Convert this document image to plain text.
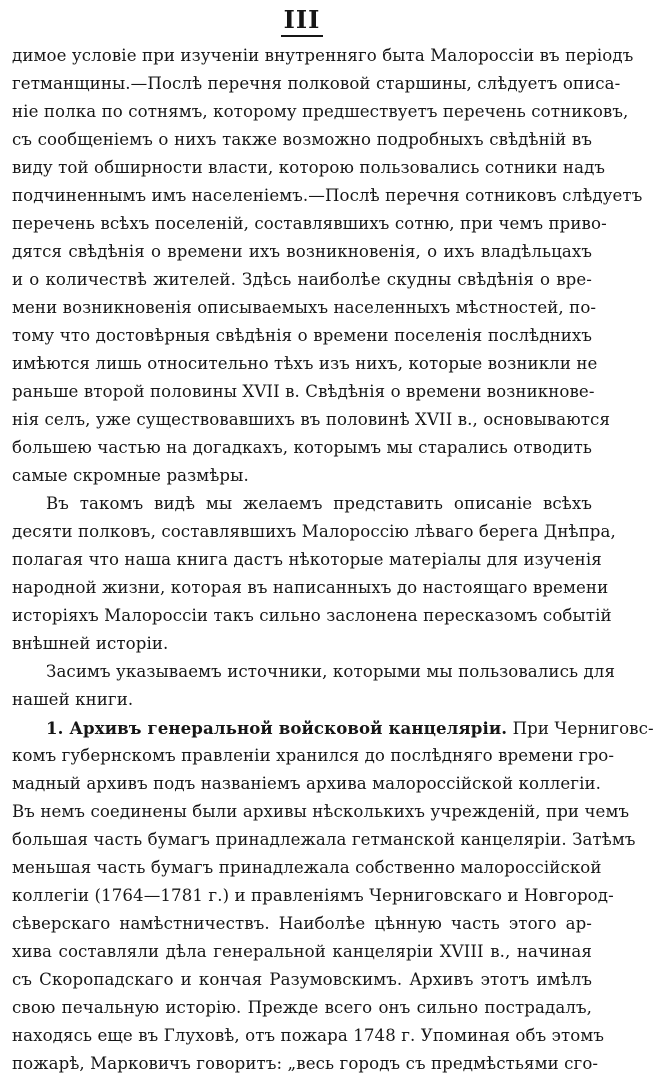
III
димое условіе при изученіи внутренняго быта Малороссіи въ періодъ
гетманщины.—Послѣ перечня полковой старшины, слѣдуетъ описа-
ніе полка по сотнямъ, которому предшествуетъ перечень сотниковъ,
съ сообщеніемъ о нихъ также возможно подробныхъ свѣдѣній въ
виду той обширности власти, которою пользовались сотники надъ
подчиненнымъ имъ населеніемъ.—Послѣ перечня сотниковъ слѣдуетъ
перечень всѣхъ поселеній, составлявшихъ сотню, при чемъ приво-
дятся свѣдѣнія о времени ихъ возникновенія, о ихъ владѣльцахъ
и о количествѣ жителей. Здѣсь наиболѣе скудны свѣдѣнія о вре-
мени возникновенія описываемыхъ населенныхъ мѣстностей, по-
тому что достовѣрныя свѣдѣнія о времени поселенія послѣднихъ
имѣются лишь относительно тѣхъ изъ нихъ, которые возникли не
раньше второй половины XVII в. Свѣдѣнія о времени возникнове-
нія селъ, уже существовавшихъ въ половинѣ XVII в., основываются
большею частью на догадкахъ, которымъ мы старались отводить
самые скромные размѣры.
Въ такомъ видѣ мы желаемъ представить описаніе всѣхъ
десяти полковъ, составлявшихъ Малороссію лѣваго берега Днѣпра,
полагая что наша книга дастъ нѣкоторые матеріалы для изученія
народной жизни, которая въ написанныхъ до настоящаго времени
исторіяхъ Малороссіи такъ сильно заслонена пересказомъ событій
внѣшней исторіи.
Засимъ указываемъ источники, которыми мы пользовались для
нашей книги.
1. Архивъ генеральной войсковой канцеляріи. При Черниговс-
комъ губернскомъ правленіи хранился до послѣдняго времени гро-
мадный архивъ подъ названіемъ архива малороссійской коллегіи.
Въ немъ соединены были архивы нѣсколькихъ учрежденій, при чемъ
большая часть бумагъ принадлежала гетманской канцеляріи. Затѣмъ
меньшая часть бумагъ принадлежала собственно малороссійской
коллегіи (1764—1781 г.) и правленіямъ Черниговскаго и Новгород-
сѣверскаго намѣстничествъ. Наиболѣе цѣнную часть этого ар-
хива составляли дѣла генеральной канцеляріи XVIII в., начиная
съ Скоропадскаго и кончая Разумовскимъ. Архивъ этотъ имѣлъ
свою печальную исторію. Прежде всего онъ сильно пострадалъ,
находясь еще въ Глуховѣ, отъ пожара 1748 г. Упоминая объ этомъ
пожарѣ, Марковичъ говоритъ: „весь городъ съ предмѣстьями сго-
